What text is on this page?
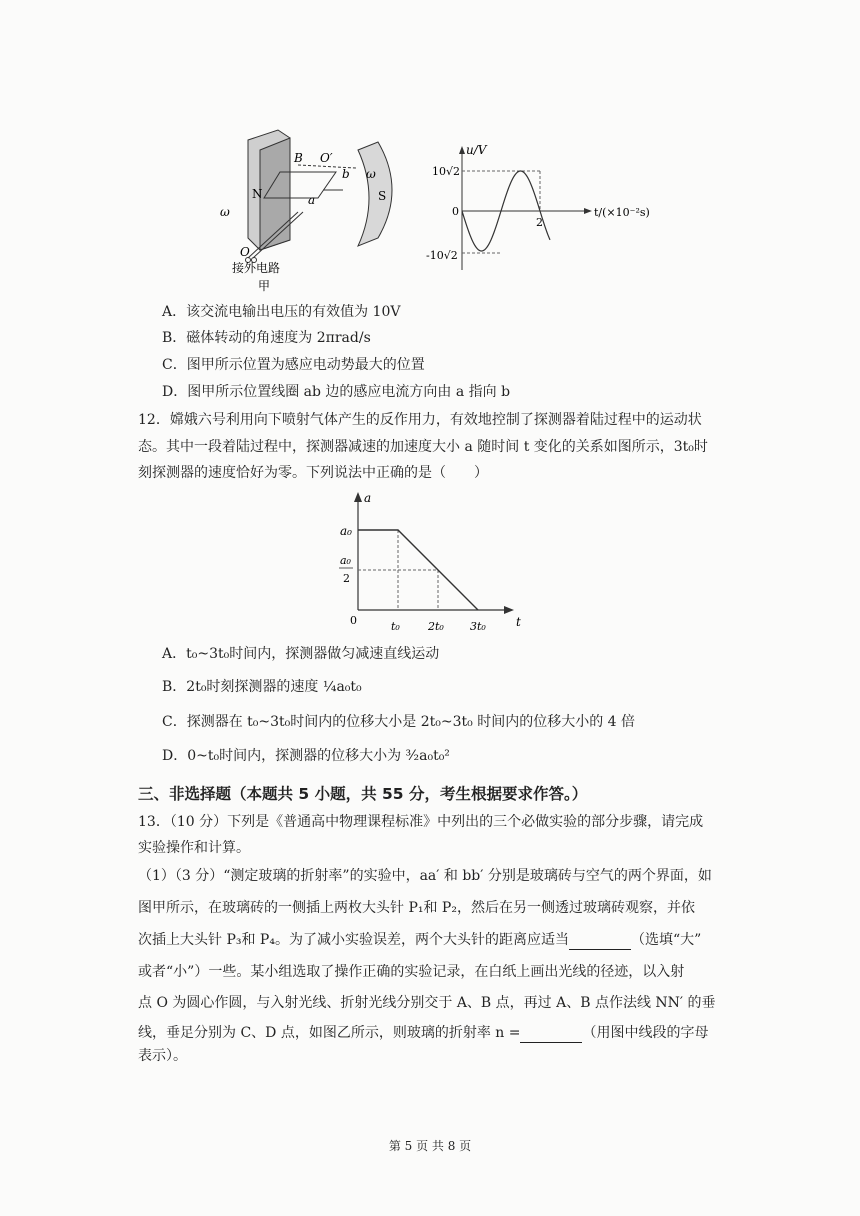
N	S
B O′
b
a
ω
ω
O
接外电路
甲
u/V
t/(×10⁻²s)
10√2
-10√2
0
2
A．该交流电输出电压的有效值为 10V
B．磁体转动的角速度为 2πrad/s
C．图甲所示位置为感应电动势最大的位置
D．图甲所示位置线圈 ab 边的感应电流方向由 a 指向 b
12．嫦娥六号利用向下喷射气体产生的反作用力，有效地控制了探测器着陆过程中的运动状
态。其中一段着陆过程中，探测器减速的加速度大小 a 随时间 t 变化的关系如图所示，3t₀时
刻探测器的速度恰好为零。下列说法中正确的是（　　）
a
t
a₀
a₀
2
0	t₀	2t₀ 3t₀
A．t₀~3t₀时间内，探测器做匀减速直线运动
B．2t₀时刻探测器的速度 ¼a₀t₀
C．探测器在 t₀~3t₀时间内的位移大小是 2t₀~3t₀ 时间内的位移大小的 4 倍
D．0~t₀时间内，探测器的位移大小为 ³⁄₂a₀t₀²
三、非选择题（本题共 5 小题，共 55 分，考生根据要求作答。）
13．（10 分）下列是《普通高中物理课程标准》中列出的三个必做实验的部分步骤，请完成
实验操作和计算。
（1）（3 分）“测定玻璃的折射率”的实验中，aa′ 和 bb′ 分别是玻璃砖与空气的两个界面，如
图甲所示，在玻璃砖的一侧插上两枚大头针 P₁和 P₂，然后在另一侧透过玻璃砖观察，并依
次插上大头针 P₃和 P₄。为了减小实验误差，两个大头针的距离应适当	（选填“大”
或者“小”）一些。某小组选取了操作正确的实验记录，在白纸上画出光线的径迹，以入射
点 O 为圆心作圆，与入射光线、折射光线分别交于 A、B 点，再过 A、B 点作法线 NN′ 的垂
线，垂足分别为 C、D 点，如图乙所示，则玻璃的折射率 n =	（用图中线段的字母
表示）。
第 5 页 共 8 页
